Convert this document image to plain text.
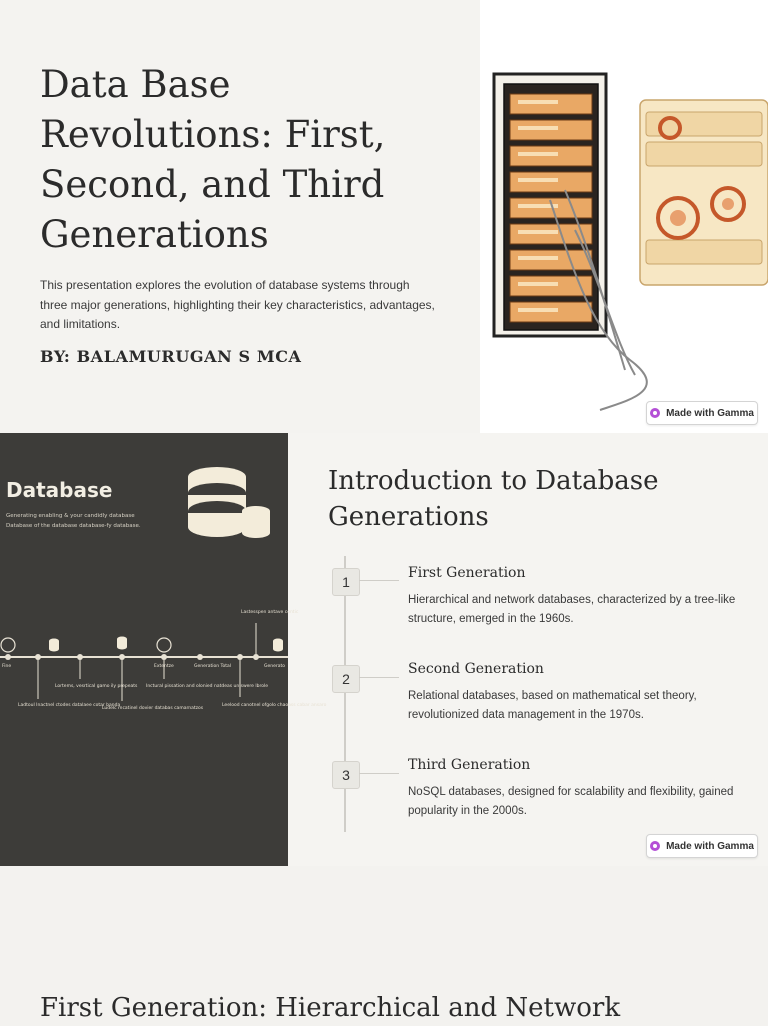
Data Base Revolutions: First, Second, and Third Generations

This presentation explores the evolution of database systems through three major generations, highlighting their key characteristics, advantages, and limitations.

BY: BALAMURUGAN S MCA

Made with Gamma
Database
Generating enabling & your candidly database
Database of the database database-fy database.
Fine	Extentze	Generation Total	Generato
Lastesspen antave contic
Lortems, vesrtical gamo ily prepeats Inctural pissation and olonied natdeas un swere lbrole
Ladtoul Inactnel ctodes datalaee cotar banda
Ludelc mcatinel dovier databas camarnatzos
Leelood canotnel ofgolo chaoass cabar ansaro
Introduction to Database Generations
1

First Generation

Hierarchical and network databases, characterized by a tree-like structure, emerged in the 1960s.

2

Second Generation

Relational databases, based on mathematical set theory, revolutionized data management in the 1970s.

3

Third Generation

NoSQL databases, designed for scalability and flexibility, gained popularity in the 2000s.

Made with Gamma
First Generation: Hierarchical and Network
